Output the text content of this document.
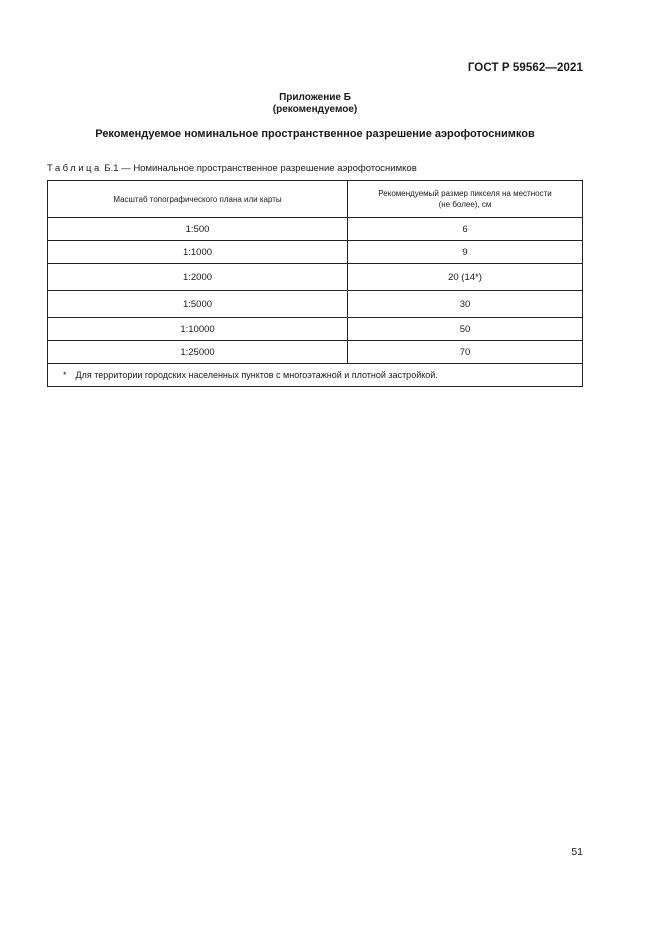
ГОСТ Р 59562—2021
Приложение Б
(рекомендуемое)
Рекомендуемое номинальное пространственное разрешение аэрофотоснимков
Таблица Б.1 — Номинальное пространственное разрешение аэрофотоснимков
Масштаб топографического плана или карты	Рекомендуемый размер пикселя на местности
(не более), см
1:500	6
1:1000	9
1:2000	20 (14*)
1:5000	30
1:10000	50
1:25000	70
* Для территории городских населенных пунктов с многоэтажной и плотной застройкой.	
51
